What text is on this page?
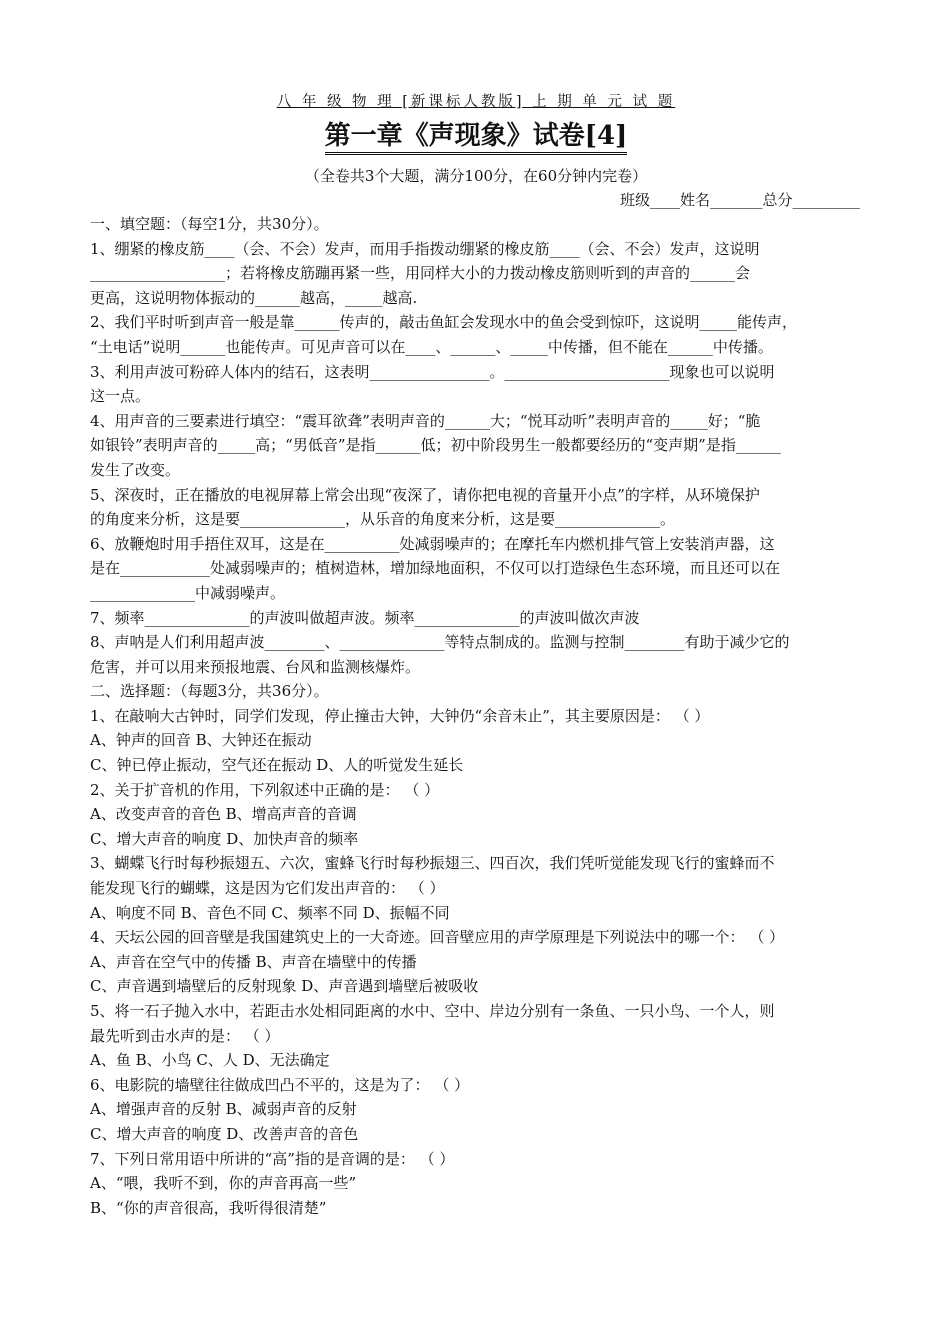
八 年 级 物 理 [新课标人教版] 上 期 单 元 试 题
第一章《声现象》试卷[4]
（全卷共3个大题，满分100分，在60分钟内完卷）
班级____姓名_______总分_________
一、填空题：（每空1分，共30分）。

1、绷紧的橡皮筋____（会、不会）发声，而用手指拨动绷紧的橡皮筋____（会、不会）发声，这说明

__________________；若将橡皮筋蹦再紧一些，用同样大小的力拨动橡皮筋则听到的声音的______会

更高，这说明物体振动的______越高，_____越高.

2、我们平时听到声音一般是靠______传声的，敲击鱼缸会发现水中的鱼会受到惊吓，这说明_____能传声，

“土电话”说明______也能传声。可见声音可以在____、______、_____中传播，但不能在______中传播。

3、利用声波可粉碎人体内的结石，这表明________________。______________________现象也可以说明

这一点。

4、用声音的三要素进行填空：“震耳欲聋”表明声音的______大；“悦耳动听”表明声音的_____好；“脆

如银铃”表明声音的_____高；“男低音”是指______低；初中阶段男生一般都要经历的“变声期”是指______

发生了改变。

5、深夜时，正在播放的电视屏幕上常会出现“夜深了，请你把电视的音量开小点”的字样，从环境保护

的角度来分析，这是要______________，从乐音的角度来分析，这是要______________。

6、放鞭炮时用手捂住双耳，这是在__________处减弱噪声的；在摩托车内燃机排气管上安装消声器，这

是在____________处减弱噪声的；植树造林，增加绿地面积，不仅可以打造绿色生态环境，而且还可以在

______________中减弱噪声。

7、频率______________的声波叫做超声波。频率______________的声波叫做次声波

8、声呐是人们利用超声波________、______________等特点制成的。监测与控制________有助于减少它的

危害，并可以用来预报地震、台风和监测核爆炸。

二、选择题：（每题3分，共36分）。

1、在敲响大古钟时，同学们发现，停止撞击大钟，大钟仍“余音未止”，其主要原因是： （ ）

A、钟声的回音 B、大钟还在振动

C、钟已停止振动，空气还在振动 D、人的听觉发生延长

2、关于扩音机的作用，下列叙述中正确的是： （ ）

A、改变声音的音色 B、增高声音的音调

C、增大声音的响度 D、加快声音的频率

3、蝴蝶飞行时每秒振翅五、六次，蜜蜂飞行时每秒振翅三、四百次，我们凭听觉能发现飞行的蜜蜂而不

能发现飞行的蝴蝶，这是因为它们发出声音的： （ ）

A、响度不同 B、音色不同 C、频率不同 D、振幅不同

4、天坛公园的回音壁是我国建筑史上的一大奇迹。回音壁应用的声学原理是下列说法中的哪一个： （ ）

A、声音在空气中的传播 B、声音在墙壁中的传播

C、声音遇到墙壁后的反射现象 D、声音遇到墙壁后被吸收

5、将一石子抛入水中，若距击水处相同距离的水中、空中、岸边分别有一条鱼、一只小鸟、一个人，则

最先听到击水声的是： （ ）

A、鱼 B、小鸟 C、人 D、无法确定

6、电影院的墙壁往往做成凹凸不平的，这是为了： （ ）

A、增强声音的反射 B、减弱声音的反射

C、增大声音的响度 D、改善声音的音色

7、下列日常用语中所讲的“高”指的是音调的是： （ ）

A、“喂，我听不到，你的声音再高一些”

B、“你的声音很高，我听得很清楚”
